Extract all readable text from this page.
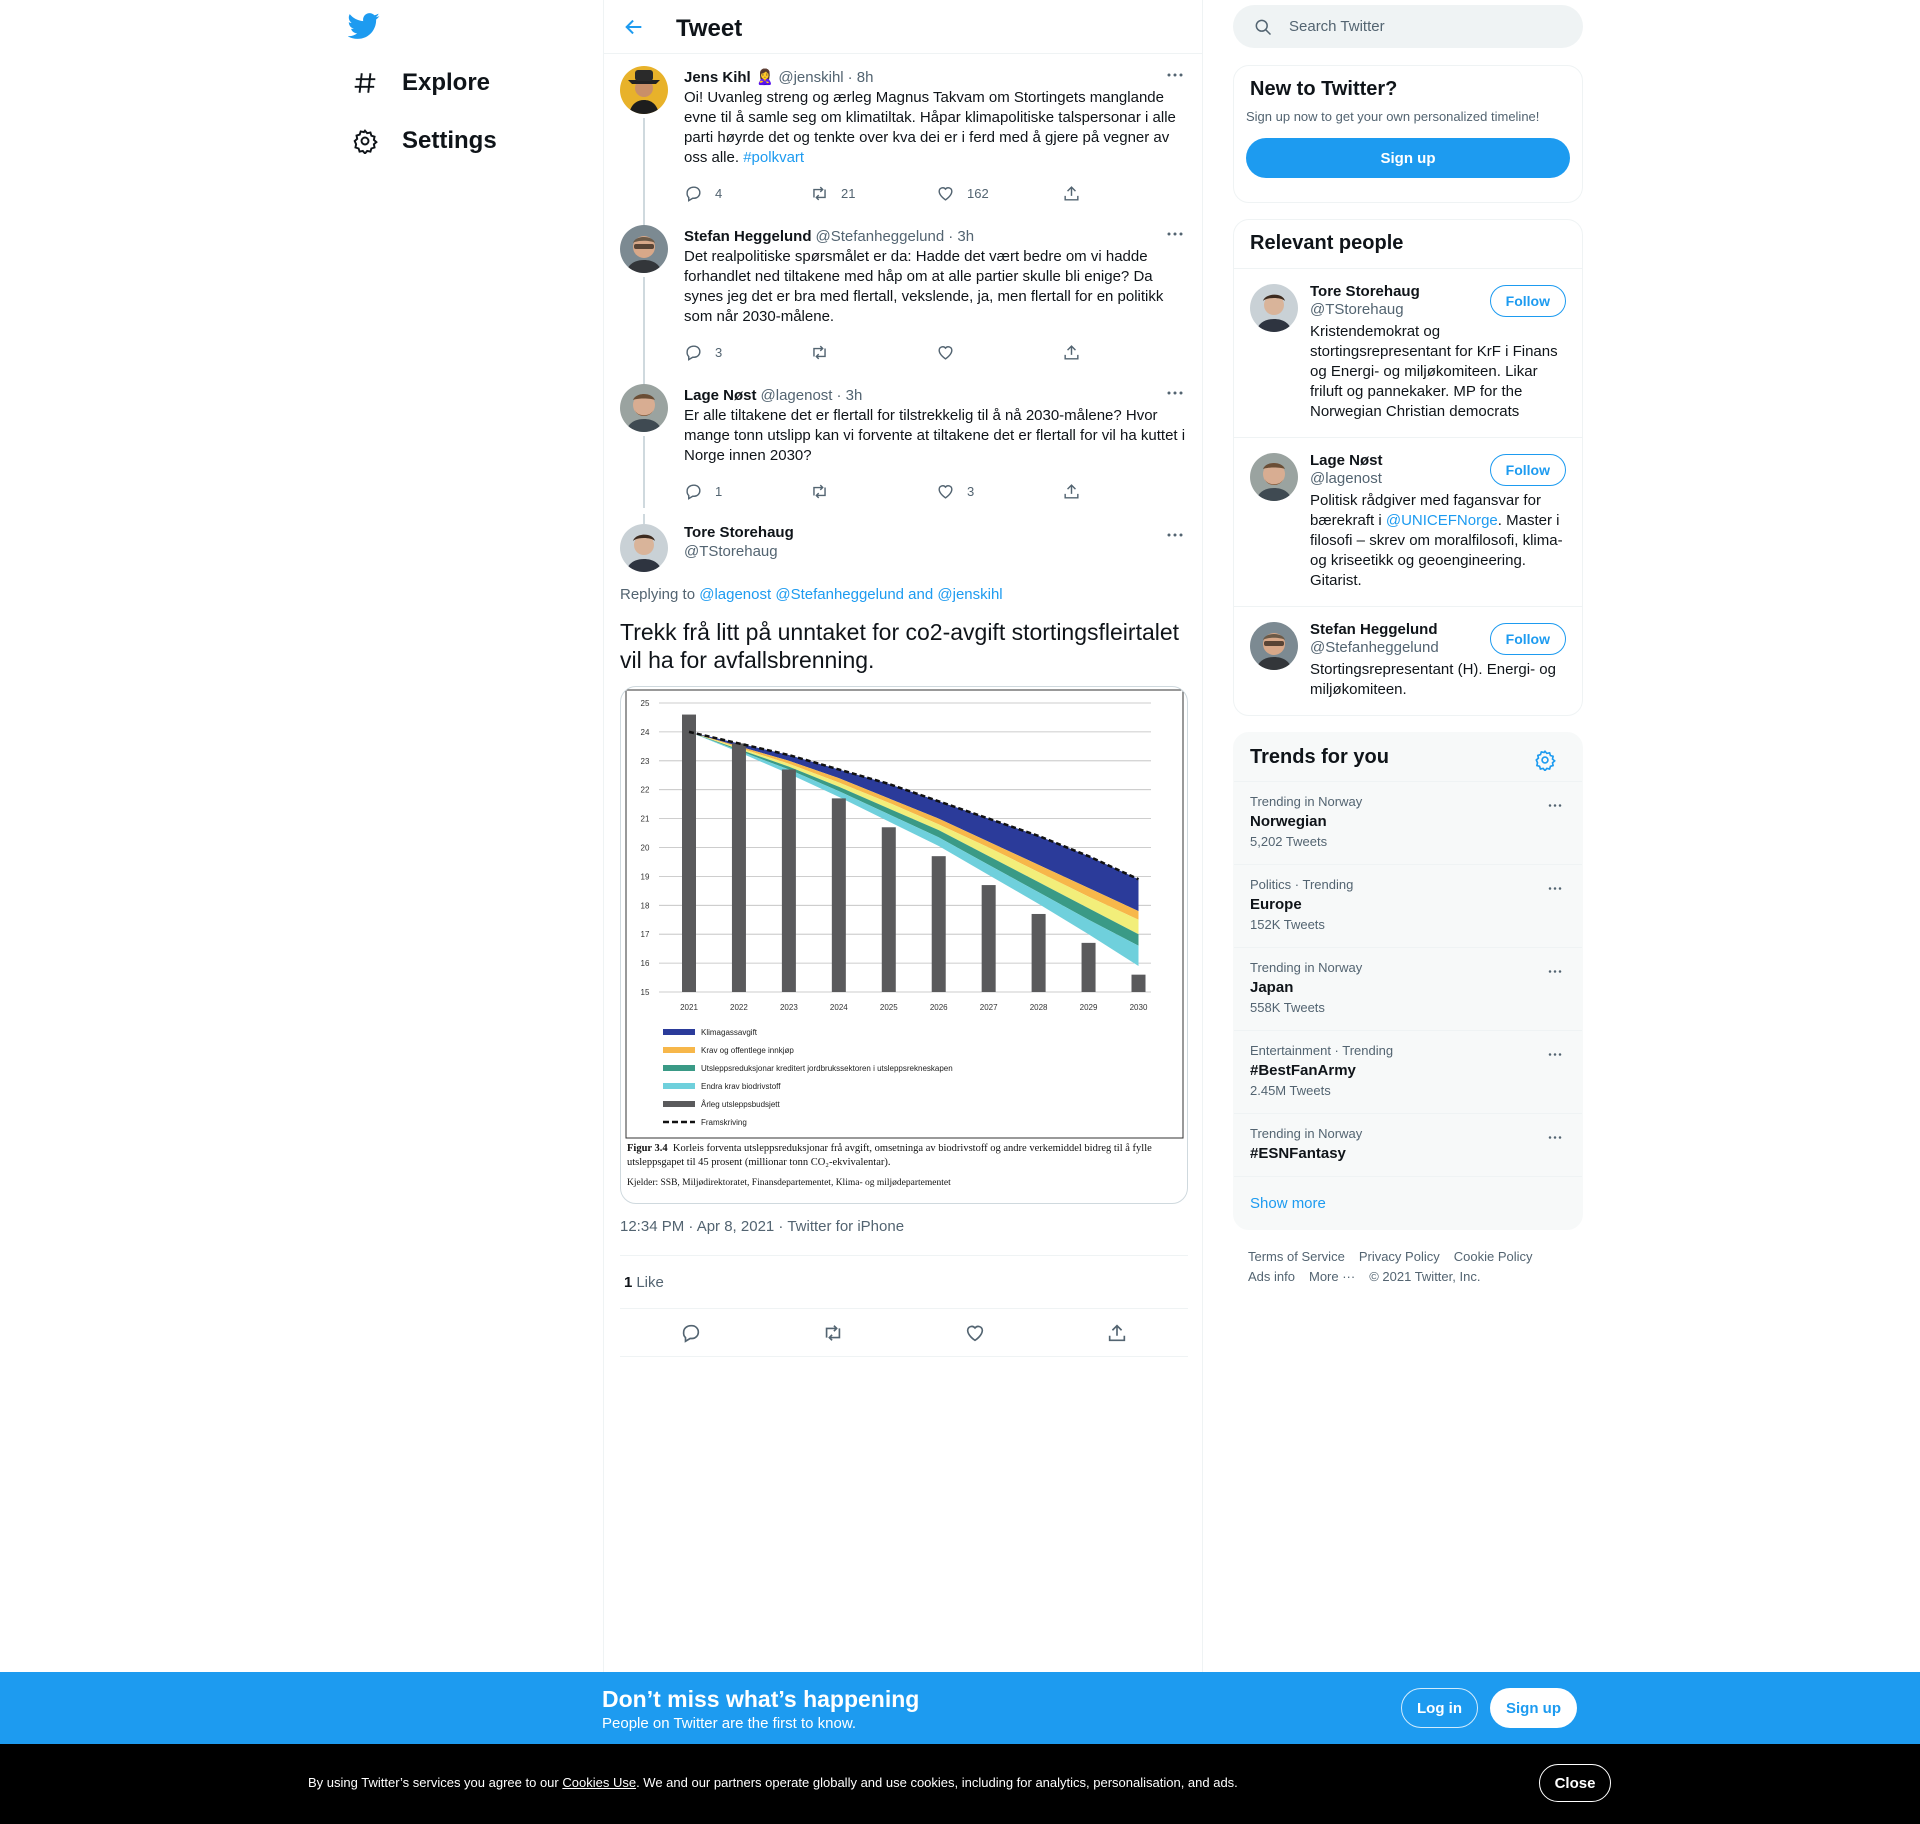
Explore
Settings
Tweet
Jens Kihl 🙎‍♀️ @jenskihl · 8h
Oi! Uvanleg streng og ærleg Magnus Takvam om Stortingets manglande evne til å samle seg om klimatiltak. Håpar klimapolitiske talspersonar i alle parti høyrde det og tenkte over kva dei er i ferd med å gjere på vegner av oss alle. #polkvart
4	21	162
Stefan Heggelund @Stefanheggelund · 3h
Det realpolitiske spørsmålet er da: Hadde det vært bedre om vi hadde forhandlet ned tiltakene med håp om at alle partier skulle bli enige? Da synes jeg det er bra med flertall, vekslende, ja, men flertall for en politikk som når 2030-målene.
3
Lage Nøst @lagenost · 3h
Er alle tiltakene det er flertall for tilstrekkelig til å nå 2030-målene? Hvor mange tonn utslipp kan vi forvente at tiltakene det er flertall for vil ha kuttet i Norge innen 2030?
1	3
Tore Storehaug
@TStorehaug
Replying to @lagenost @Stefanheggelund and @jenskihl
Trekk frå litt på unntaket for co2-avgift stortingsfleirtalet vil ha for avfallsbrenning.
15
16
17
18
19
20
21
22
23
24
25
2021	2022	2023	2024	2025	2026	2027	2028	2029	2030
Klimagassavgift
Krav og offentlege innkjøp
Utsleppsreduksjonar kreditert jordbrukssektoren i utsleppsrekneskapen
Endra krav biodrivstoff
Årleg utsleppsbudsjett
Framskriving
Figur 3.4 Korleis forventa utsleppsreduksjonar frå avgift, omsetninga av biodrivstoff og andre verkemiddel bidreg til å fylle utsleppsgapet til 45 prosent (millionar tonn CO₂-ekvivalentar).
Kjelder: SSB, Miljødirektoratet, Finansdepartementet, Klima- og miljødepartementet
12:34 PM · Apr 8, 2021 · Twitter for iPhone
1 Like
Search Twitter
New to Twitter?
Sign up now to get your own personalized timeline!
Sign up
Relevant people
Tore Storehaug
@TStorehaug
Kristendemokrat og stortingsrepresentant for KrF i Finans og Energi- og miljøkomiteen. Likar friluft og pannekaker. MP for the Norwegian Christian democrats
Follow
Lage Nøst
@lagenost
Politisk rådgiver med fagansvar for bærekraft i @UNICEFNorge. Master i filosofi – skrev om moralfilosofi, klima- og kriseetikk og geoengineering. Gitarist.
Follow
Stefan Heggelund
@Stefanheggelund
Stortingsrepresentant (H). Energi- og miljøkomiteen.
Follow
Trends for you
Trending in Norway
Norwegian
5,202 Tweets
Politics · Trending
Europe
152K Tweets
Trending in Norway
Japan
558K Tweets
Entertainment · Trending
#BestFanArmy
2.45M Tweets
Trending in Norway
#ESNFantasy
Show more
Terms of Service Privacy Policy Cookie Policy
Ads info More ··· © 2021 Twitter, Inc.
Don’t miss what’s happening
People on Twitter are the first to know.
Log in	Sign up
By using Twitter’s services you agree to our Cookies Use. We and our partners operate globally and use cookies, including for analytics, personalisation, and ads.	Close
